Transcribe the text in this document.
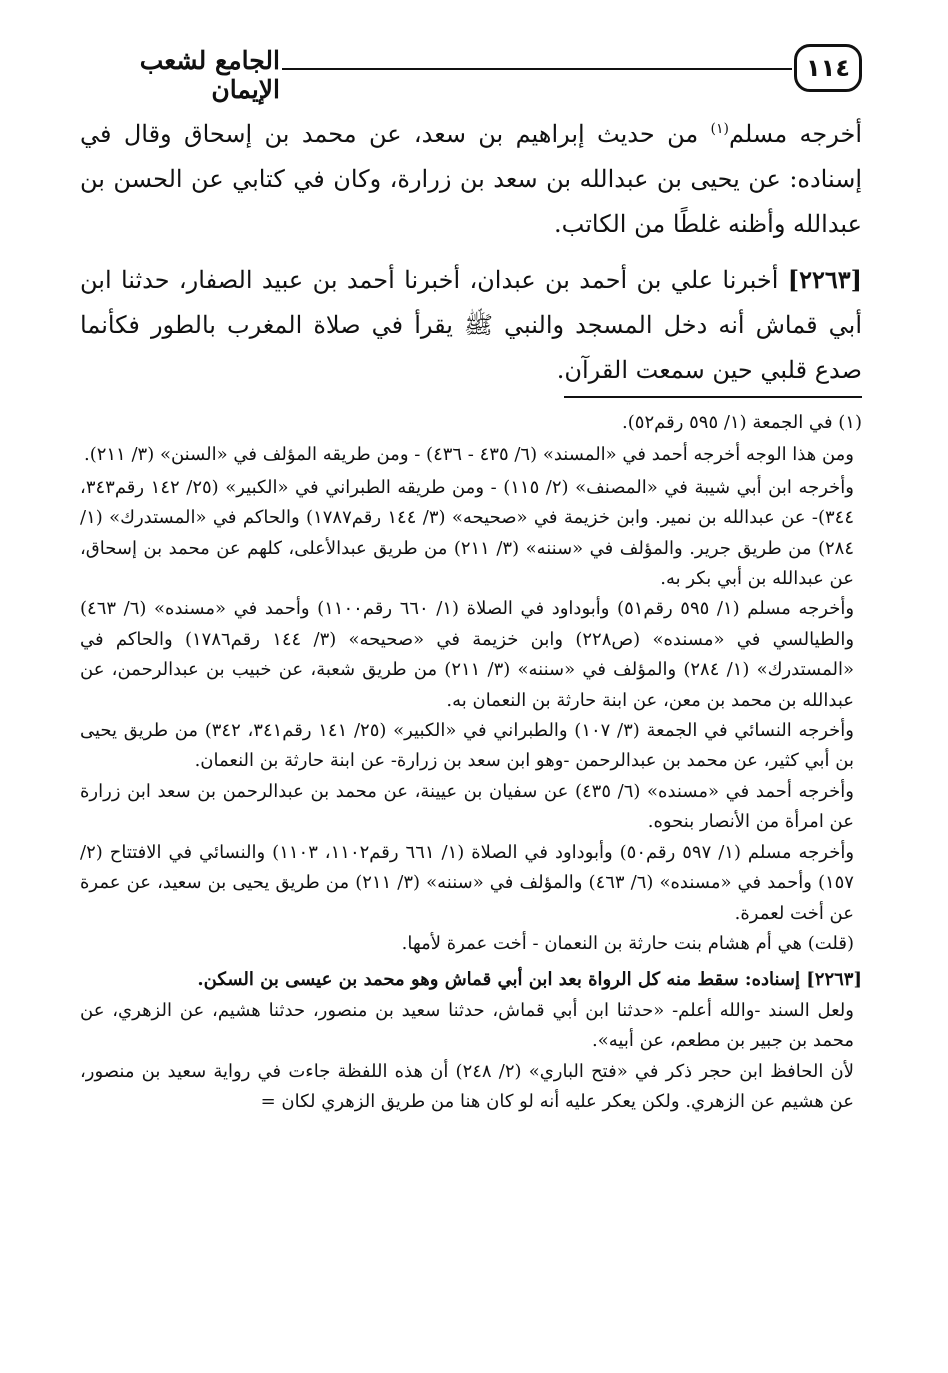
١١٤
الجامع لشعب الإيمان

أخرجه مسلم$^{(١)}$ من حديث إبراهيم بن سعد، عن محمد بن إسحاق وقال في إسناده: عن يحيى بن عبدالله بن سعد بن زرارة، وكان في كتابي عن الحسن بن عبدالله وأظنه غلطًا من الكاتب.

[٢٢٦٣] أخبرنا علي بن أحمد بن عبدان، أخبرنا أحمد بن عبيد الصفار، حدثنا ابن أبي قماش أنه دخل المسجد والنبي ﷺ يقرأ في صلاة المغرب بالطور فكأنما صدع قلبي حين سمعت القرآن.

(١) في الجمعة (١/ ٥٩٥ رقم٥٢).

ومن هذا الوجه أخرجه أحمد في «المسند» (٦/ ٤٣٥ - ٤٣٦) - ومن طريقه المؤلف في «السنن» (٣/ ٢١١).

وأخرجه ابن أبي شيبة في «المصنف» (٢/ ١١٥) - ومن طريقه الطبراني في «الكبير» (٢٥/ ١٤٢ رقم٣٤٣، ٣٤٤)- عن عبدالله بن نمير. وابن خزيمة في «صحيحه» (٣/ ١٤٤ رقم١٧٨٧) والحاكم في «المستدرك» (١/ ٢٨٤) من طريق جرير. والمؤلف في «سننه» (٣/ ٢١١) من طريق عبدالأعلى، كلهم عن محمد بن إسحاق، عن عبدالله بن أبي بكر به.

وأخرجه مسلم (١/ ٥٩٥ رقم٥١) وأبوداود في الصلاة (١/ ٦٦٠ رقم١١٠٠) وأحمد في «مسنده» (٦/ ٤٦٣) والطيالسي في «مسنده» (ص٢٢٨) وابن خزيمة في «صحيحه» (٣/ ١٤٤ رقم١٧٨٦) والحاكم في «المستدرك» (١/ ٢٨٤) والمؤلف في «سننه» (٣/ ٢١١) من طريق شعبة، عن خبيب بن عبدالرحمن، عن عبدالله بن محمد بن معن، عن ابنة حارثة بن النعمان به.

وأخرجه النسائي في الجمعة (٣/ ١٠٧) والطبراني في «الكبير» (٢٥/ ١٤١ رقم٣٤١، ٣٤٢) من طريق يحيى بن أبي كثير، عن محمد بن عبدالرحمن -وهو ابن سعد بن زرارة- عن ابنة حارثة بن النعمان.

وأخرجه أحمد في «مسنده» (٦/ ٤٣٥) عن سفيان بن عيينة، عن محمد بن عبدالرحمن بن سعد ابن زرارة عن امرأة من الأنصار بنحوه.

وأخرجه مسلم (١/ ٥٩٧ رقم٥٠) وأبوداود في الصلاة (١/ ٦٦١ رقم١١٠٢، ١١٠٣) والنسائي في الافتتاح (٢/ ١٥٧) وأحمد في «مسنده» (٦/ ٤٦٣) والمؤلف في «سننه» (٣/ ٢١١) من طريق يحيى بن سعيد، عن عمرة عن أخت لعمرة.

(قلت) هي أم هشام بنت حارثة بن النعمان - أخت عمرة لأمها.

[٢٢٦٣] إسناده: سقط منه كل الرواة بعد ابن أبي قماش وهو محمد بن عيسى بن السكن.

ولعل السند -والله أعلم- «حدثنا ابن أبي قماش، حدثنا سعيد بن منصور، حدثنا هشيم، عن الزهري، عن محمد بن جبير بن مطعم، عن أبيه».

لأن الحافظ ابن حجر ذكر في «فتح الباري» (٢/ ٢٤٨) أن هذه اللفظة جاءت في رواية سعيد بن منصور، عن هشيم عن الزهري. ولكن يعكر عليه أنه لو كان هنا من طريق الزهري لكان =
